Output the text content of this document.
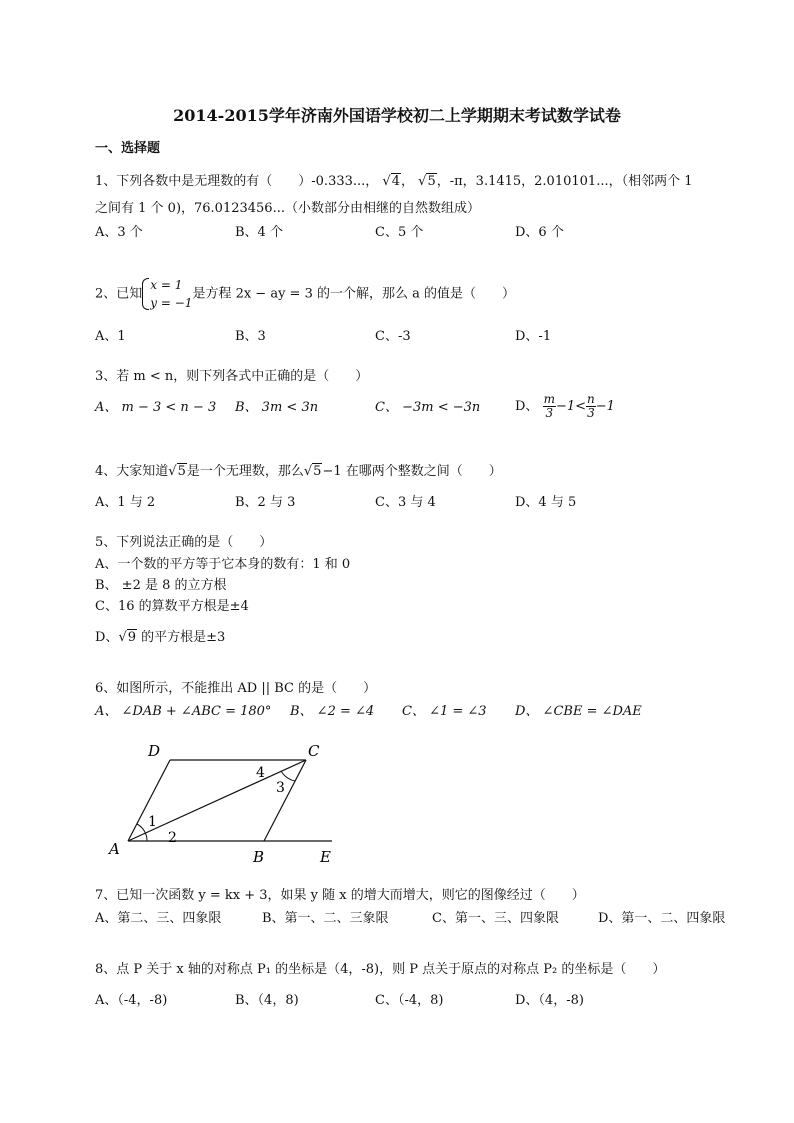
2014-2015学年济南外国语学校初二上学期期末考试数学试卷
一、选择题
1、下列各数中是无理数的有（　　）-0.333...， √4， √5，-π，3.1415，2.010101...，（相邻两个 1
之间有 1 个 0)，76.0123456...（小数部分由相继的自然数组成）
A、3 个	B、4 个	C、5 个	D、6 个
2、已知
x = 1
y = −1
是方程 2x − ay = 3 的一个解，那么 a 的值是（　　）
A、1	B、3	C、-3	D、-1
3、若 m < n，则下列各式中正确的是（　　）
A、 m − 3 < n − 3 B、 3m < 3n	C、 −3m < −3n	D、 $\frac{m}{3} -1< \frac{n}{3} -1$
4、大家知道√5是一个无理数，那么√5−1 在哪两个整数之间（　　）
A、1 与 2	B、2 与 3	C、3 与 4	D、4 与 5
5、下列说法正确的是（　　）
A、一个数的平方等于它本身的数有：1 和 0
B、 ±2 是 8 的立方根
C、16 的算数平方根是±4
D、√9 的平方根是±3
6、如图所示，不能推出 AD || BC 的是（　　）
A、 ∠DAB + ∠ABC = 180° B、 ∠2 = ∠4 C、 ∠1 = ∠3 D、 ∠CBE = ∠DAE
D	C
A	B	E
1
2
3
4
7、已知一次函数 y = kx + 3，如果 y 随 x 的增大而增大，则它的图像经过（　　）
A、第二、三、四象限	B、第一、二、三象限	C、第一、三、四象限	D、第一、二、四象限
8、点 P 关于 x 轴的对称点 P₁ 的坐标是（4，-8)，则 P 点关于原点的对称点 P₂ 的坐标是（　　）
A、（-4，-8)	B、（4，8)	C、（-4，8)	D、（4，-8)
